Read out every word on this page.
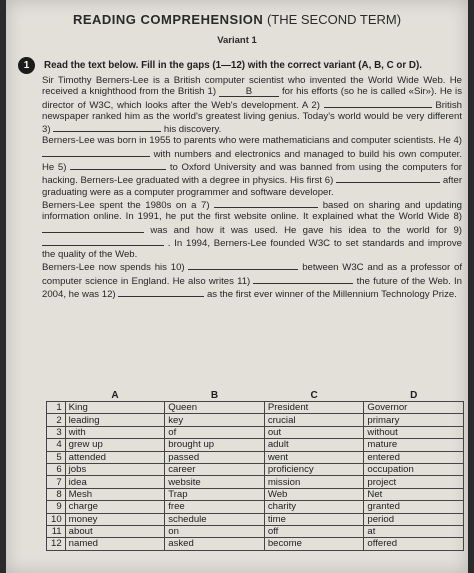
READING COMPREHENSION (THE SECOND TERM)
Variant 1
1	Read the text below. Fill in the gaps (1—12) with the correct variant (A, B, C or D).

Sir Timothy Berners-Lee is a British computer scientist who invented the World Wide Web. He received a knighthood from the British 1)	B	for his efforts (so he is called «Sir»). He is director of W3C, which looks after the Web's development. A 2)	British newspaper ranked him as the world's greatest living genius. Today's world would be very different 3)	his discovery.

Berners-Lee was born in 1955 to parents who were mathematicians and computer scientists. He 4)  with numbers and electronics and managed to build his own computer. He 5)	to Oxford University and was banned from using the computers for hacking. Berners-Lee graduated with a degree in physics. His first 6)	after graduating were as a computer programmer and software developer.

Berners-Lee spent the 1980s on a 7)	based on sharing and updating information online. In 1991, he put the first website online. It explained what the World Wide 8)  was and how it was used. He gave his idea to the world for 9)  . In 1994, Berners-Lee founded W3C to set standards and improve the quality of the Web.

Berners-Lee now spends his 10)	between W3C and as a professor of computer science in England. He also writes 11)	the future of the Web. In 2004, he was 12)	as the first ever winner of the Millennium Technology Prize.

	A	B	C	D
1	King	Queen	President	Governor
2	leading	key	crucial	primary
3	with	of	out	without
4	grew up	brought up	adult	mature
5	attended	passed	went	entered
6	jobs	career	proficiency	occupation
7	idea	website	mission	project
8	Mesh	Trap	Web	Net
9	charge	free	charity	granted
10	money	schedule	time	period
11	about	on	off	at
12	named	asked	become	offered
